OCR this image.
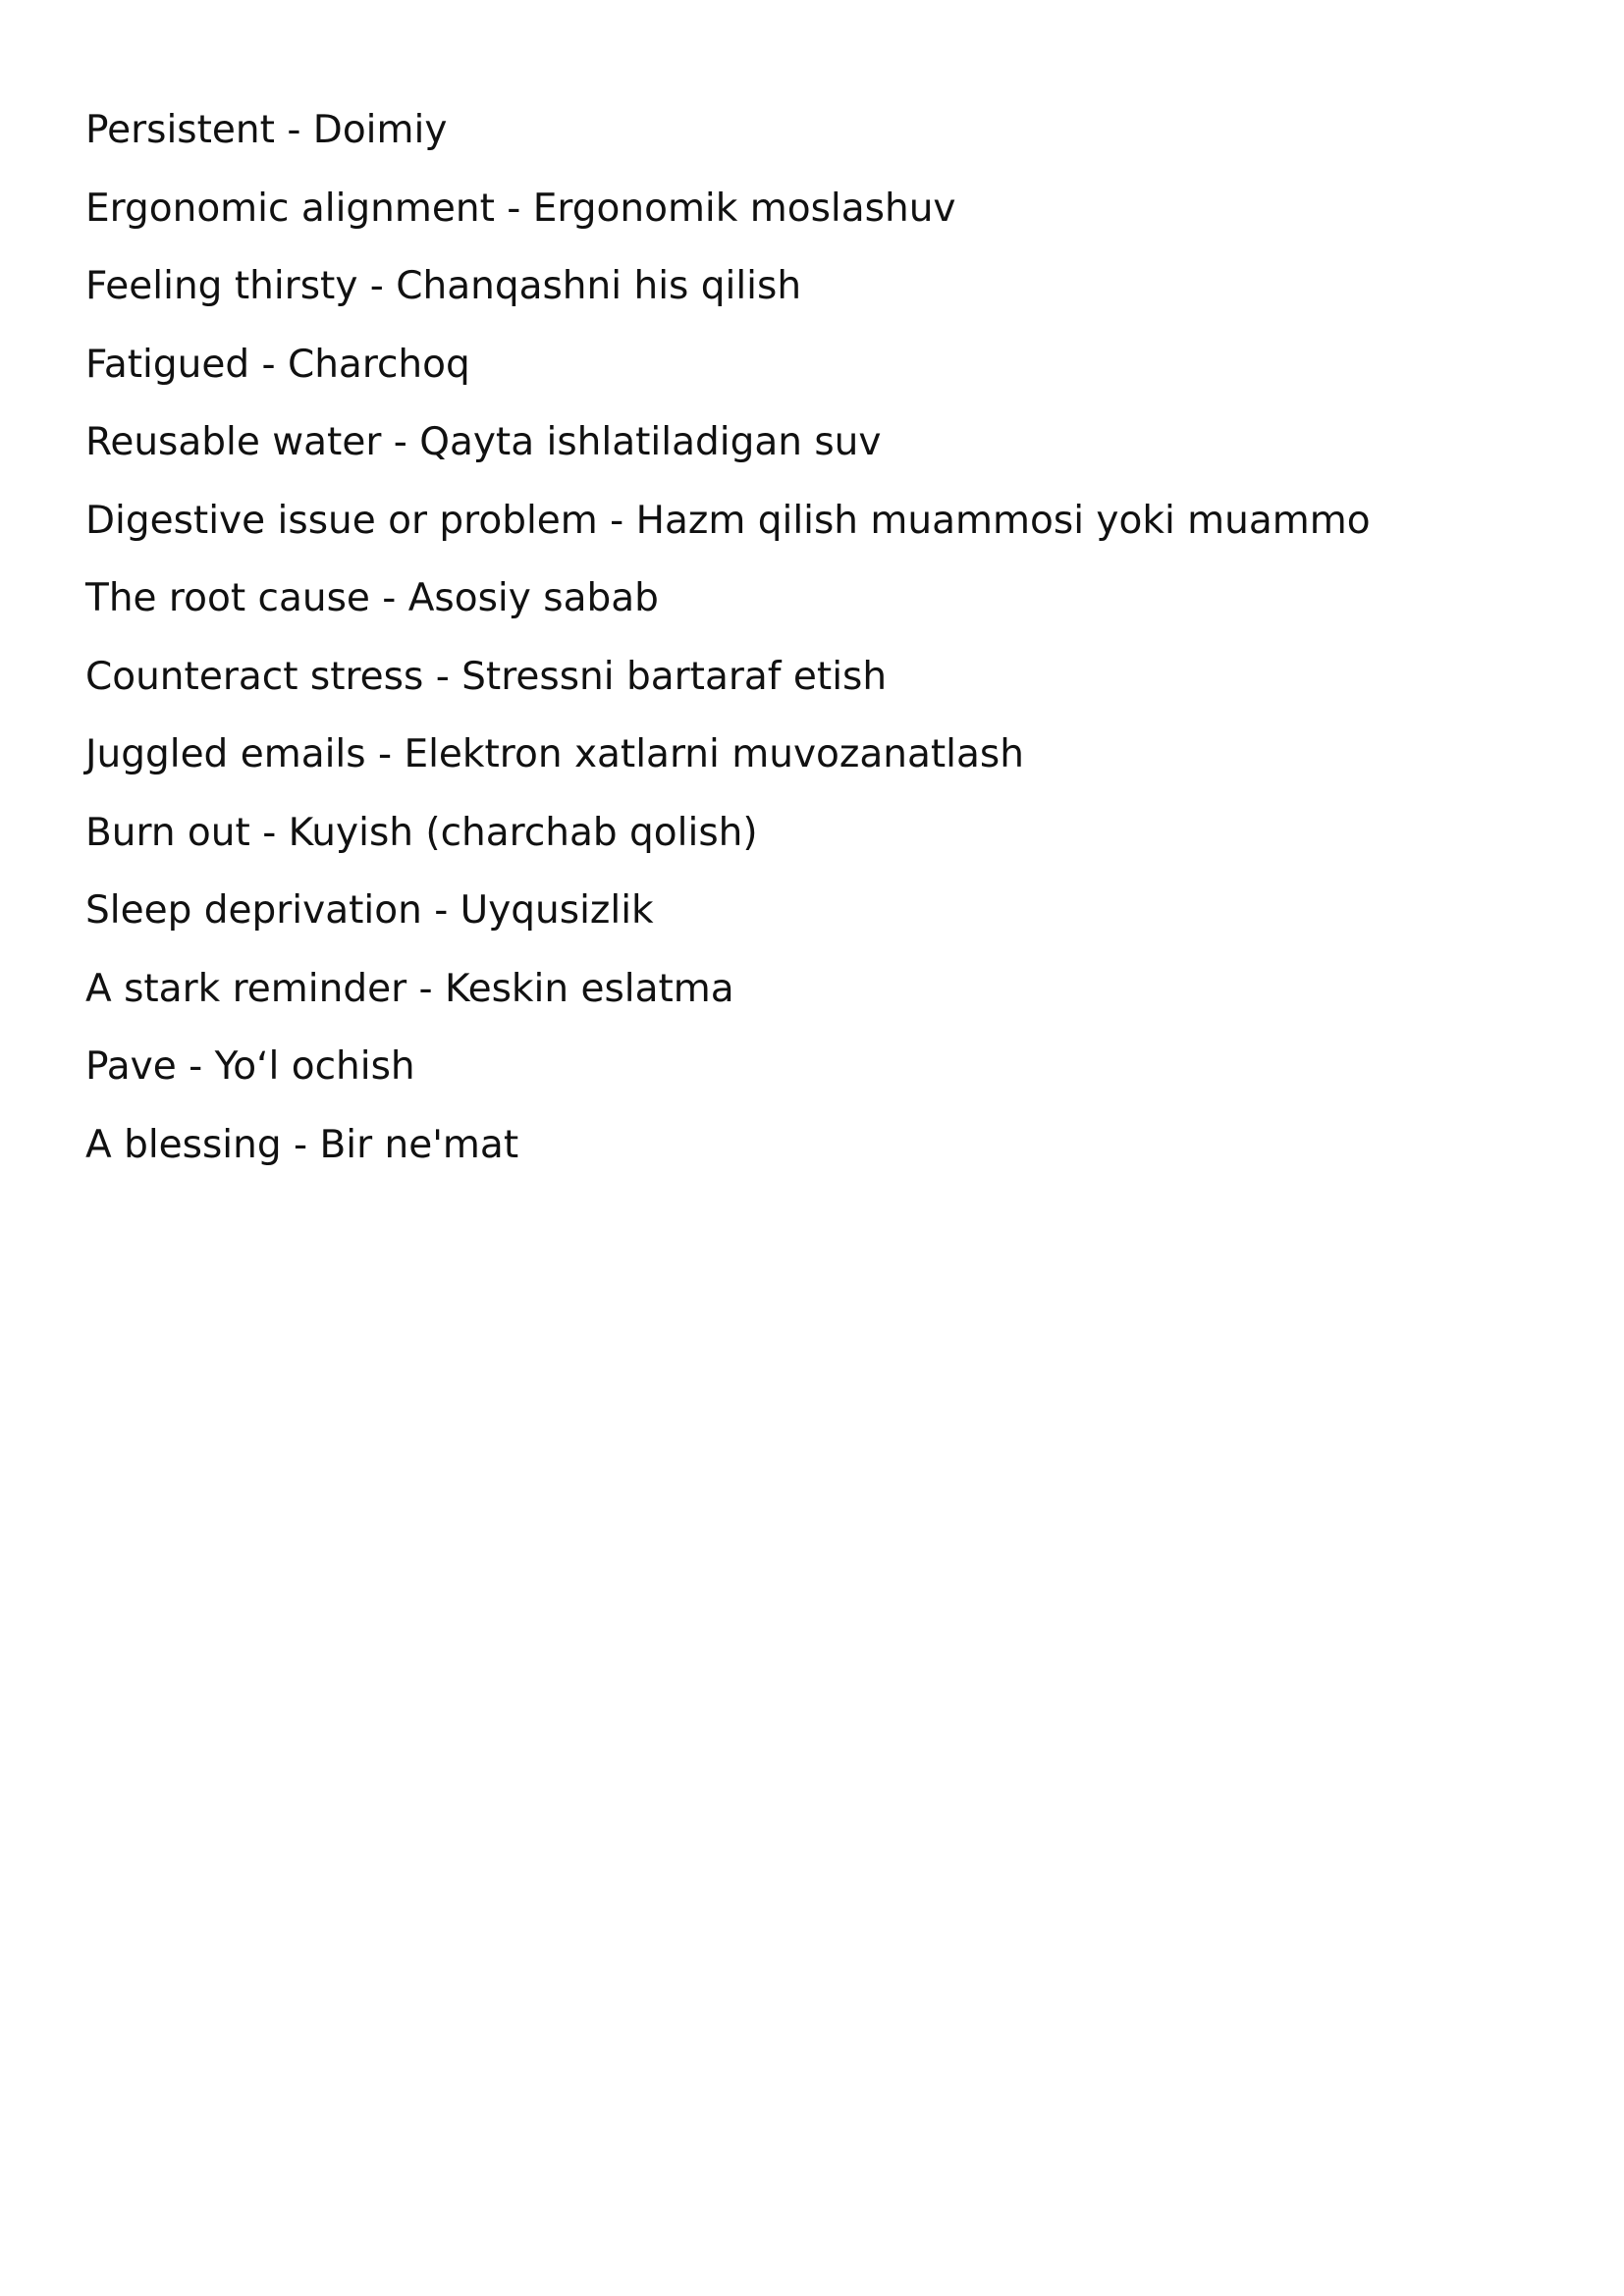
Persistent - Doimiy
Ergonomic alignment - Ergonomik moslashuv
Feeling thirsty - Chanqashni his qilish
Fatigued - Charchoq
Reusable water - Qayta ishlatiladigan suv
Digestive issue or problem - Hazm qilish muammosi yoki muammo
The root cause - Asosiy sabab
Counteract stress - Stressni bartaraf etish
Juggled emails - Elektron xatlarni muvozanatlash
Burn out - Kuyish (charchab qolish)
Sleep deprivation - Uyqusizlik
A stark reminder - Keskin eslatma
Pave - Yo‘l ochish
A blessing - Bir ne'mat
